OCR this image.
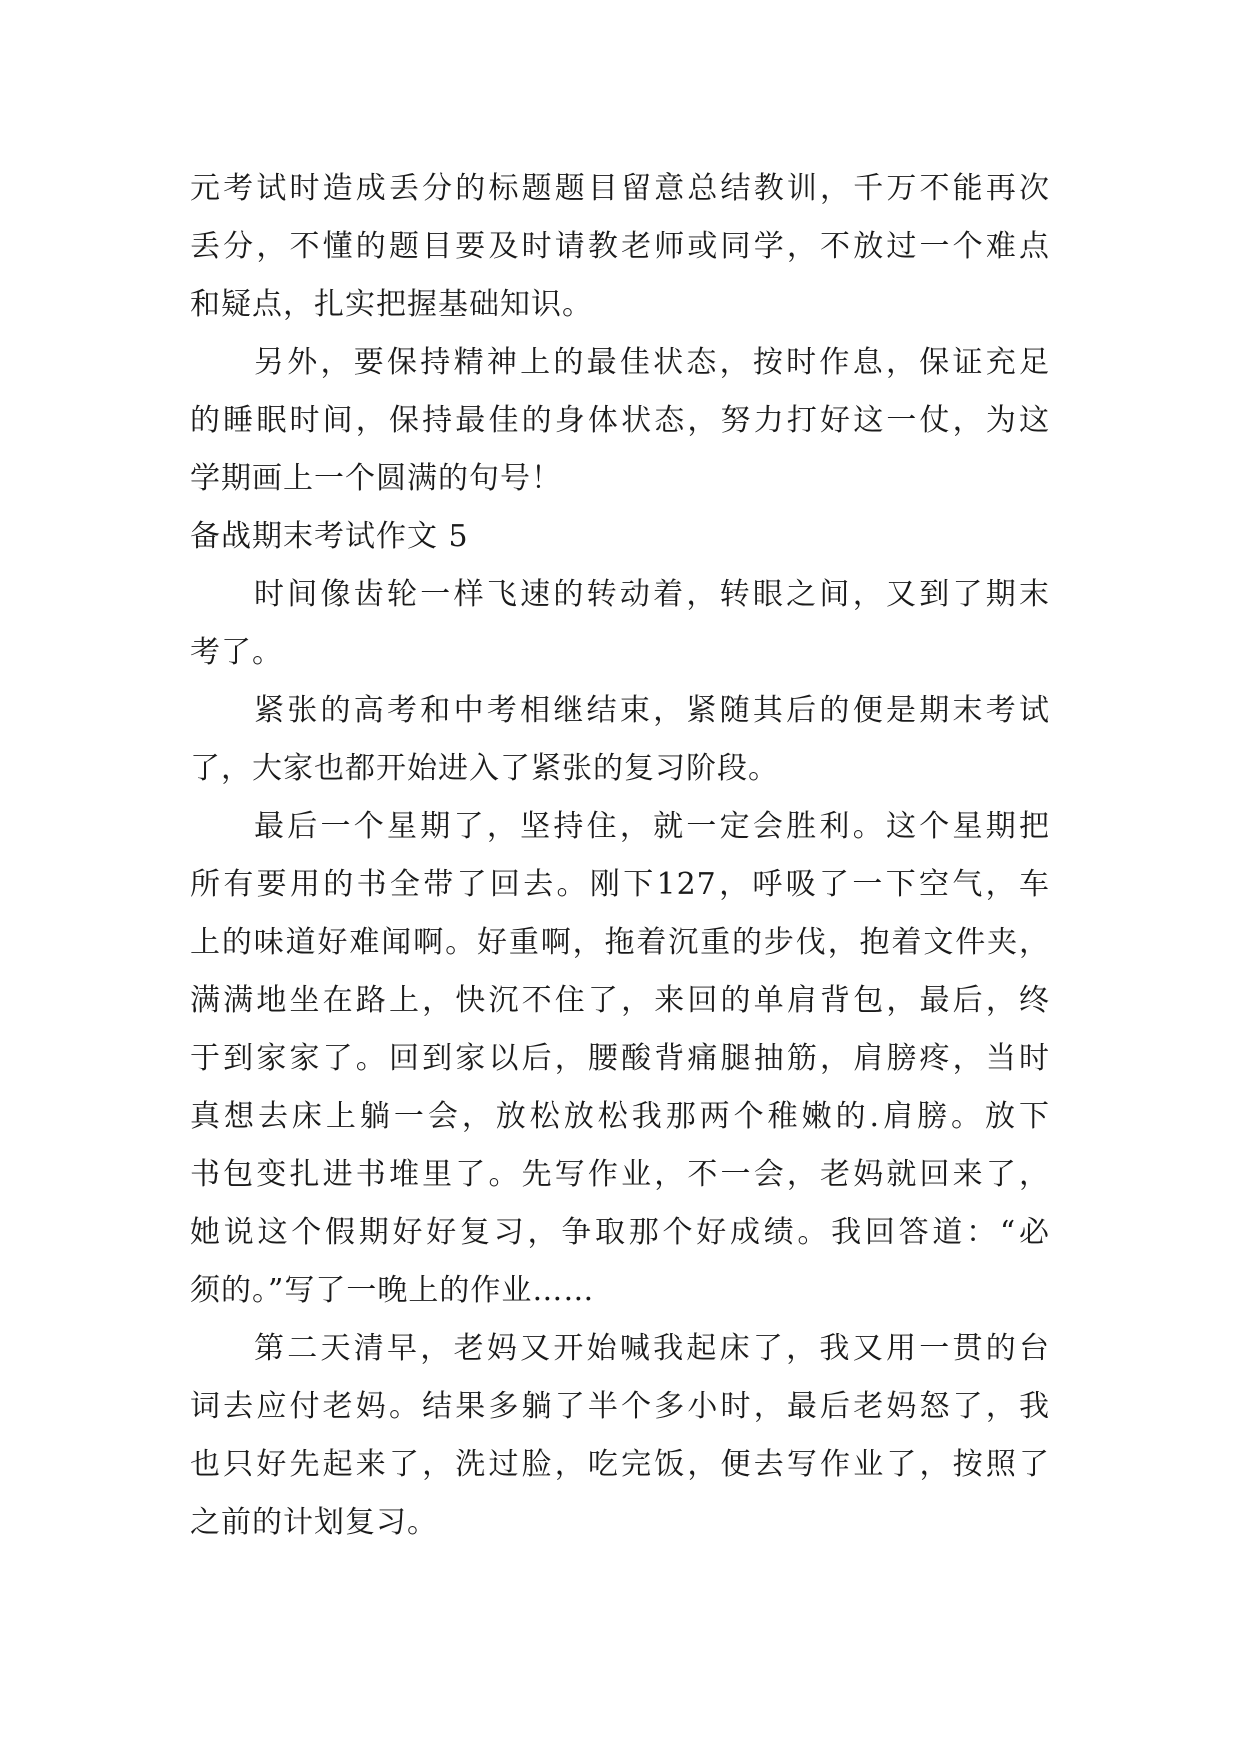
元考试时造成丢分的标题题目留意总结教训，千万不能再次
丢分，不懂的题目要及时请教老师或同学，不放过一个难点
和疑点，扎实把握基础知识。
另外，要保持精神上的最佳状态，按时作息，保证充足
的睡眠时间，保持最佳的身体状态，努力打好这一仗，为这
学期画上一个圆满的句号！
备战期末考试作文 5
时间像齿轮一样飞速的转动着，转眼之间，又到了期末
考了。
紧张的高考和中考相继结束，紧随其后的便是期末考试
了，大家也都开始进入了紧张的复习阶段。
最后一个星期了，坚持住，就一定会胜利。这个星期把
所有要用的书全带了回去。刚下127，呼吸了一下空气，车
上的味道好难闻啊。好重啊，拖着沉重的步伐，抱着文件夹，
满满地坐在路上，快沉不住了，来回的单肩背包，最后，终
于到家家了。回到家以后，腰酸背痛腿抽筋，肩膀疼，当时
真想去床上躺一会，放松放松我那两个稚嫩的.肩膀。放下
书包变扎进书堆里了。先写作业，不一会，老妈就回来了，
她说这个假期好好复习，争取那个好成绩。我回答道：“必
须的。”写了一晚上的作业……
第二天清早，老妈又开始喊我起床了，我又用一贯的台
词去应付老妈。结果多躺了半个多小时，最后老妈怒了，我
也只好先起来了，洗过脸，吃完饭，便去写作业了，按照了
之前的计划复习。
